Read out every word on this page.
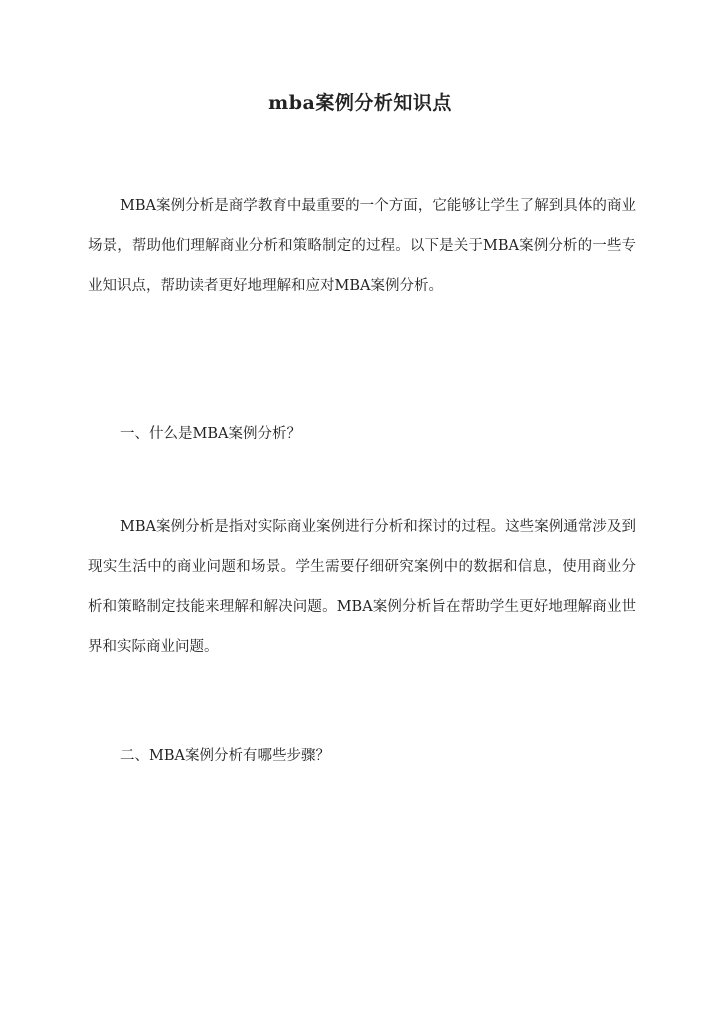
mba案例分析知识点

MBA案例分析是商学教育中最重要的一个方面，它能够让学生了解到具体的商业场景，帮助他们理解商业分析和策略制定的过程。以下是关于MBA案例分析的一些专业知识点，帮助读者更好地理解和应对MBA案例分析。

一、什么是MBA案例分析？

MBA案例分析是指对实际商业案例进行分析和探讨的过程。这些案例通常涉及到现实生活中的商业问题和场景。学生需要仔细研究案例中的数据和信息，使用商业分析和策略制定技能来理解和解决问题。MBA案例分析旨在帮助学生更好地理解商业世界和实际商业问题。

二、MBA案例分析有哪些步骤？
